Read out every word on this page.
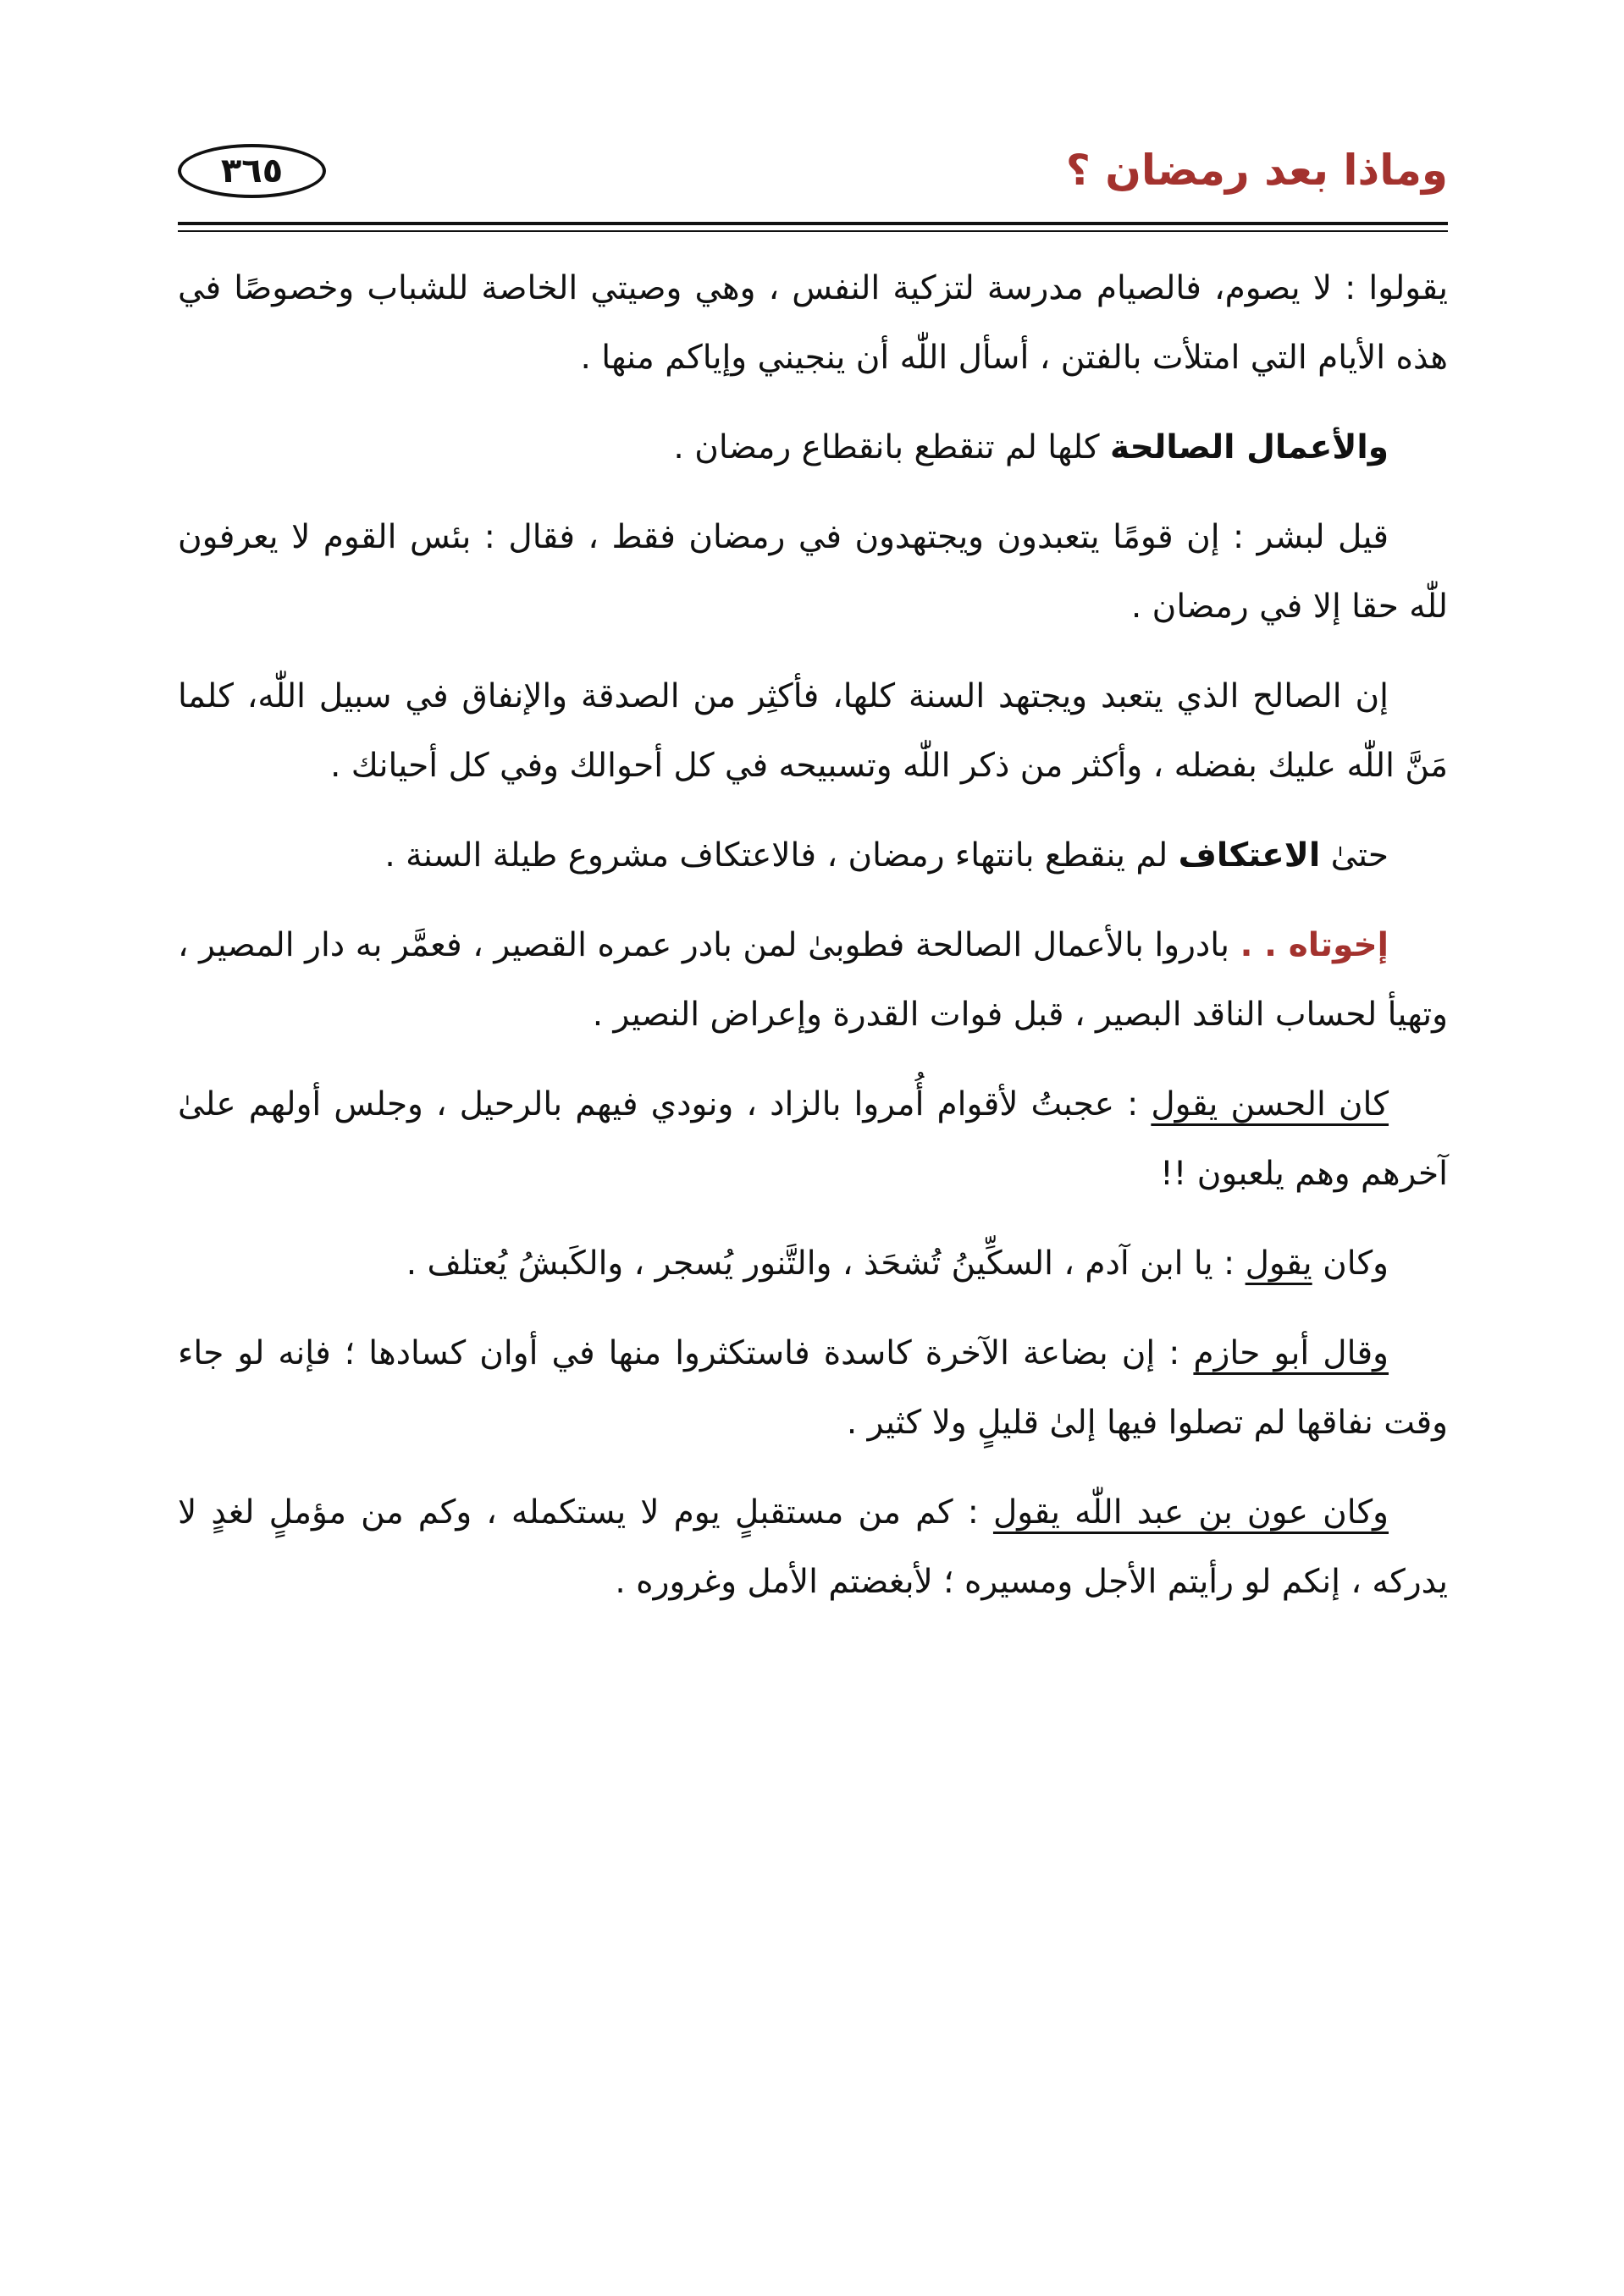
٣٦٥	وماذا بعد رمضان ؟

يقولوا : لا يصوم، فالصيام مدرسة لتزكية النفس ، وهي وصيتي الخاصة للشباب وخصوصًا في هذه الأيام التي امتلأت بالفتن ، أسأل اللّٰه أن ينجيني وإياكم منها .

والأعمال الصالحة كلها لم تنقطع بانقطاع رمضان .

قيل لبشر : إن قومًا يتعبدون ويجتهدون في رمضان فقط ، فقال : بئس القوم لا يعرفون للّٰه حقا إلا في رمضان .

إن الصالح الذي يتعبد ويجتهد السنة كلها، فأكثِر من الصدقة والإنفاق في سبيل اللّٰه، كلما مَنَّ اللّٰه عليك بفضله ، وأكثر من ذكر اللّٰه وتسبيحه في كل أحوالك وفي كل أحيانك .

حتىٰ الاعتكاف لم ينقطع بانتهاء رمضان ، فالاعتكاف مشروع طيلة السنة .

إخوتاه . . بادروا بالأعمال الصالحة فطوبىٰ لمن بادر عمره القصير ، فعمَّر به دار المصير ، وتهيأ لحساب الناقد البصير ، قبل فوات القدرة وإعراض النصير .

كان الحسن يقول : عجبتُ لأقوام أُمروا بالزاد ، ونودي فيهم بالرحيل ، وجلس أولهم علىٰ آخرهم وهم يلعبون !!

وكان يقول : يا ابن آدم ، السكِّينُ تُشحَذ ، والتَّنور يُسجر ، والكَبشُ يُعتلف .

وقال أبو حازم : إن بضاعة الآخرة كاسدة فاستكثروا منها في أوان كسادها ؛ فإنه لو جاء وقت نفاقها لم تصلوا فيها إلىٰ قليلٍ ولا كثير .

وكان عون بن عبد اللّٰه يقول : كم من مستقبلٍ يوم لا يستكمله ، وكم من مؤملٍ لغدٍ لا يدركه ، إنكم لو رأيتم الأجل ومسيره ؛ لأبغضتم الأمل وغروره .
